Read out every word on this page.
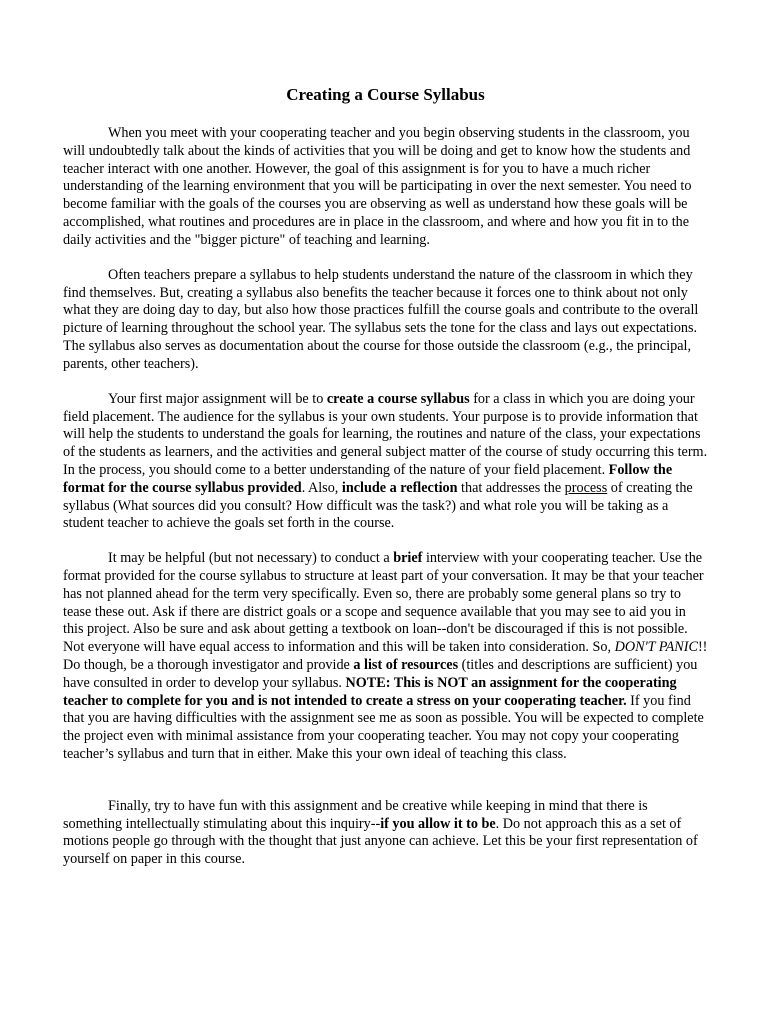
Creating a Course Syllabus

When you meet with your cooperating teacher and you begin observing students in the classroom, you will undoubtedly talk about the kinds of activities that you will be doing and get to know how the students and teacher interact with one another. However, the goal of this assignment is for you to have a much richer understanding of the learning environment that you will be participating in over the next semester. You need to become familiar with the goals of the courses you are observing as well as understand how these goals will be accomplished, what routines and procedures are in place in the classroom, and where and how you fit in to the daily activities and the "bigger picture" of teaching and learning.

Often teachers prepare a syllabus to help students understand the nature of the classroom in which they find themselves. But, creating a syllabus also benefits the teacher because it forces one to think about not only what they are doing day to day, but also how those practices fulfill the course goals and contribute to the overall picture of learning throughout the school year. The syllabus sets the tone for the class and lays out expectations. The syllabus also serves as documentation about the course for those outside the classroom (e.g., the principal, parents, other teachers).

Your first major assignment will be to create a course syllabus for a class in which you are doing your field placement. The audience for the syllabus is your own students. Your purpose is to provide information that will help the students to understand the goals for learning, the routines and nature of the class, your expectations of the students as learners, and the activities and general subject matter of the course of study occurring this term. In the process, you should come to a better understanding of the nature of your field placement. Follow the format for the course syllabus provided. Also, include a reflection that addresses the process of creating the syllabus (What sources did you consult? How difficult was the task?) and what role you will be taking as a student teacher to achieve the goals set forth in the course.

It may be helpful (but not necessary) to conduct a brief interview with your cooperating teacher. Use the format provided for the course syllabus to structure at least part of your conversation. It may be that your teacher has not planned ahead for the term very specifically. Even so, there are probably some general plans so try to tease these out. Ask if there are district goals or a scope and sequence available that you may see to aid you in this project. Also be sure and ask about getting a textbook on loan--don't be discouraged if this is not possible. Not everyone will have equal access to information and this will be taken into consideration. So, DON'T PANIC!! Do though, be a thorough investigator and provide a list of resources (titles and descriptions are sufficient) you have consulted in order to develop your syllabus. NOTE: This is NOT an assignment for the cooperating teacher to complete for you and is not intended to create a stress on your cooperating teacher. If you find that you are having difficulties with the assignment see me as soon as possible. You will be expected to complete the project even with minimal assistance from your cooperating teacher. You may not copy your cooperating teacher’s syllabus and turn that in either. Make this your own ideal of teaching this class.

Finally, try to have fun with this assignment and be creative while keeping in mind that there is something intellectually stimulating about this inquiry--if you allow it to be. Do not approach this as a set of motions people go through with the thought that just anyone can achieve. Let this be your first representation of yourself on paper in this course.
